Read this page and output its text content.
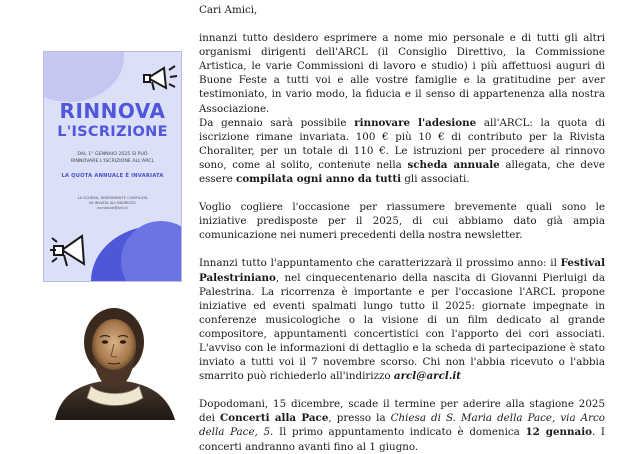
RINNOVA
L'ISCRIZIONE
DAL 1° GENNAIO 2025 SI PUÒ
RINNOVARE L'ISCRIZIONE ALL'ARCL
LA QUOTA ANNUALE È INVARIATA
LA SCHEDA, DEBITAMENTE COMPILATA
VA INVIATA ALL'INDIRIZZO
iscrizione@arcl.it

Cari Amici,

innanzi tutto desidero esprimere a nome mio personale e di tutti gli altri organismi dirigenti dell'ARCL (il Consiglio Direttivo, la Commissione Artistica, le varie Commissioni di lavoro e studio) i più affettuosi auguri di Buone Feste a tutti voi e alle vostre famiglie e la gratitudine per aver testimoniato, in vario modo, la fiducia e il senso di appartenenza alla nostra Associazione.

Da gennaio sarà possibile rinnovare l'adesione all'ARCL: la quota di iscrizione rimane invariata. 100 € più 10 € di contributo per la Rivista Choraliter, per un totale di 110 €. Le istruzioni per procedere al rinnovo sono, come al solito, contenute nella scheda annuale allegata, che deve essere compilata ogni anno da tutti gli associati.

Voglio cogliere l'occasione per riassumere brevemente quali sono le iniziative predisposte per il 2025, di cui abbiamo dato già ampia comunicazione nei numeri precedenti della nostra newsletter.

Innanzi tutto l'appuntamento che caratterizzarà il prossimo anno: il Festival Palestriniano, nel cinquecentenario della nascita di Giovanni Pierluigi da Palestrina. La ricorrenza è importante e per l'occasione l'ARCL propone iniziative ed eventi spalmati lungo tutto il 2025: giornate impegnate in conferenze musicologiche o la visione di un film dedicato al grande compositore, appuntamenti concertistici con l'apporto dei cori associati. L'avviso con le informazioni di dettaglio e la scheda di partecipazione è stato inviato a tutti voi il 7 novembre scorso. Chi non l'abbia ricevuto o l'abbia smarrito può richiederlo all'indirizzo arcl@arcl.it

Dopodomani, 15 dicembre, scade il termine per aderire alla stagione 2025 dei Concerti alla Pace, presso la Chiesa di S. Maria della Pace, via Arco della Pace, 5. Il primo appuntamento indicato è domenica 12 gennaio. I concerti andranno avanti fino al 1 giugno.
